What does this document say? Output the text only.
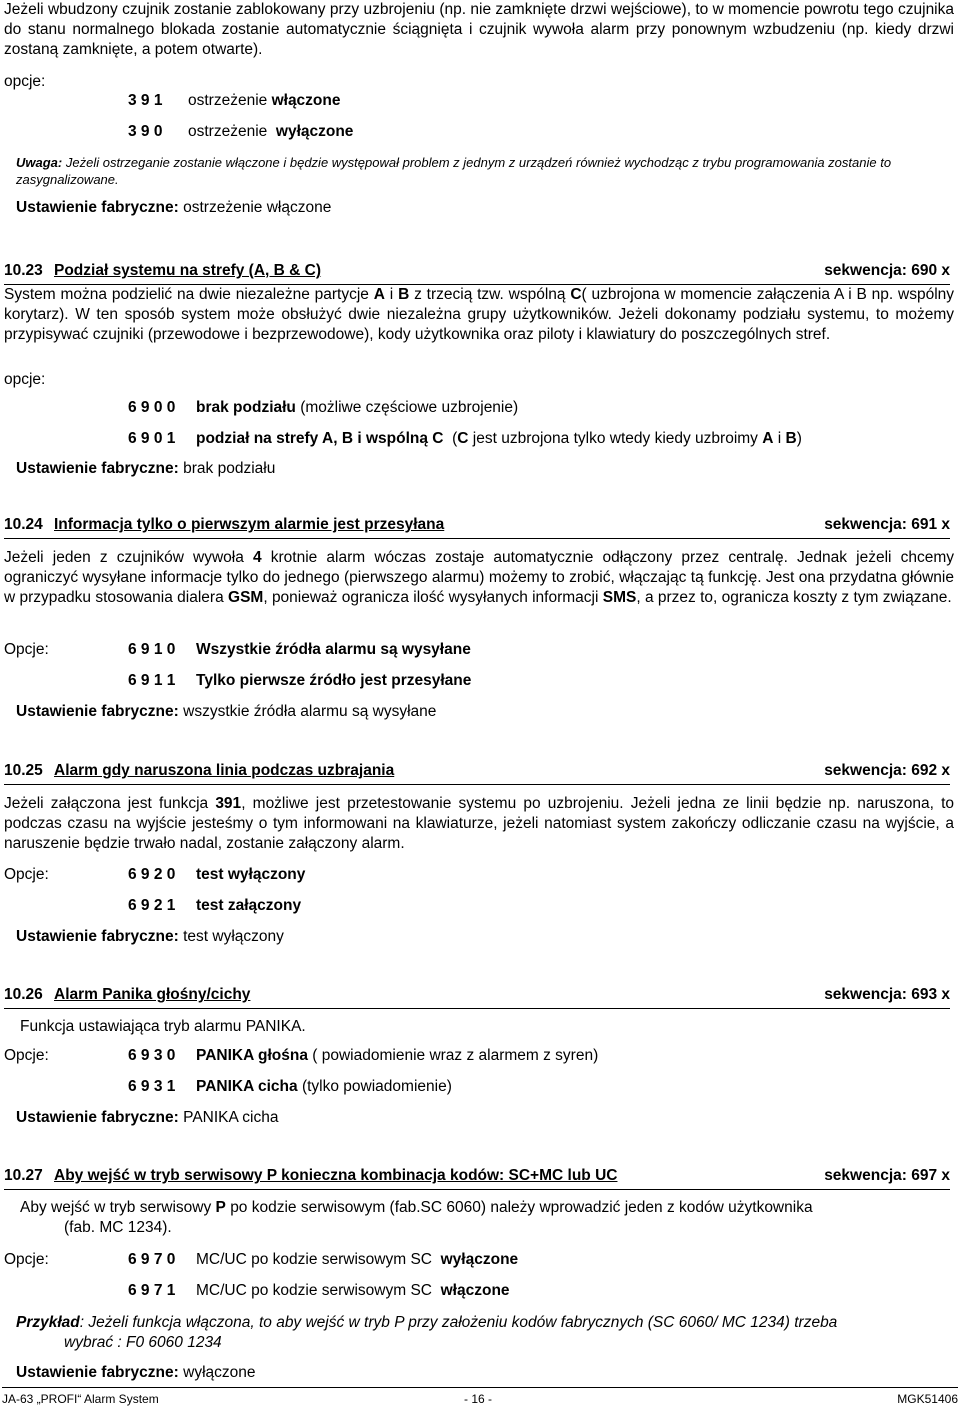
Jeżeli wbudzony czujnik zostanie zablokowany przy uzbrojeniu (np. nie zamknięte drzwi wejściowe), to w momencie powrotu tego czujnika do stanu normalnego blokada zostanie automatycznie ściągnięta i czujnik wywoła alarm przy ponownym wzbudzeniu (np. kiedy drzwi zostaną zamknięte, a potem otwarte).

opcje:
3 9 1 ostrzeżenie włączone
3 9 0 ostrzeżenie wyłączone

Uwaga: Jeżeli ostrzeganie zostanie włączone i będzie występował problem z jednym z urządzeń również wychodząc z trybu programowania zostanie to zasygnalizowane.

Ustawienie fabryczne: ostrzeżenie włączone
10.23 Podział systemu na strefy (A, B & C)	sekwencja: 690 x

System można podzielić na dwie niezależne partycje A i B z trzecią tzw. wspólną C( uzbrojona w momencie załączenia A i B np. wspólny korytarz). W ten sposób system może obsłużyć dwie niezależna grupy użytkowników. Jeżeli dokonamy podziału systemu, to możemy przypisywać czujniki (przewodowe i bezprzewodowe), kody użytkownika oraz piloty i klawiatury do poszczególnych stref.

opcje:
6 9 0 0 brak podziału (możliwe częściowe uzbrojenie)
6 9 0 1 podział na strefy A, B i wspólną C (C jest uzbrojona tylko wtedy kiedy uzbroimy A i B)
Ustawienie fabryczne: brak podziału
10.24 Informacja tylko o pierwszym alarmie jest przesyłana	sekwencja: 691 x

Jeżeli jeden z czujników wywoła 4 krotnie alarm wóczas zostaje automatycznie odłączony przez centralę. Jednak jeżeli chcemy ograniczyć wysyłane informacje tylko do jednego (pierwszego alarmu) możemy to zrobić, włączając tą funkcję. Jest ona przydatna głównie w przypadku stosowania dialera GSM, ponieważ ogranicza ilość wysyłanych informacji SMS, a przez to, ogranicza koszty z tym związane.

Opcje:	6 9 1 0 Wszystkie źródła alarmu są wysyłane
6 9 1 1 Tylko pierwsze źródło jest przesyłane
Ustawienie fabryczne: wszystkie źródła alarmu są wysyłane
10.25 Alarm gdy naruszona linia podczas uzbrajania	sekwencja: 692 x

Jeżeli załączona jest funkcja 391, możliwe jest przetestowanie systemu po uzbrojeniu. Jeżeli jedna ze linii będzie np. naruszona, to podczas czasu na wyjście jesteśmy o tym informowani na klawiaturze, jeżeli natomiast system zakończy odliczanie czasu na wyjście, a naruszenie będzie trwało nadal, zostanie załączony alarm.

Opcje:	6 9 2 0 test wyłączony
6 9 2 1 test załączony
Ustawienie fabryczne: test wyłączony
10.26 Alarm Panika głośny/cichy	sekwencja: 693 x

Funkcja ustawiająca tryb alarmu PANIKA.

Opcje:	6 9 3 0 PANIKA głośna ( powiadomienie wraz z alarmem z syren)
6 9 3 1 PANIKA cicha (tylko powiadomienie)
Ustawienie fabryczne: PANIKA cicha
10.27 Aby wejść w tryb serwisowy P konieczna kombinacja kodów: SC+MC lub UC	sekwencja: 697 x

Aby wejść w tryb serwisowy P po kodzie serwisowym (fab.SC 6060) należy wprowadzić jeden z kodów użytkownika

(fab. MC 1234).

Opcje:	6 9 7 0 MC/UC po kodzie serwisowym SC wyłączone
6 9 7 1 MC/UC po kodzie serwisowym SC włączone

Przykład: Jeżeli funkcja włączona, to aby wejść w tryb P przy założeniu kodów fabrycznych (SC 6060/ MC 1234) trzeba

wybrać : F0 6060 1234

Ustawienie fabryczne: wyłączone
JA-63 „PROFI“ Alarm System	- 16 -	MGK51406
